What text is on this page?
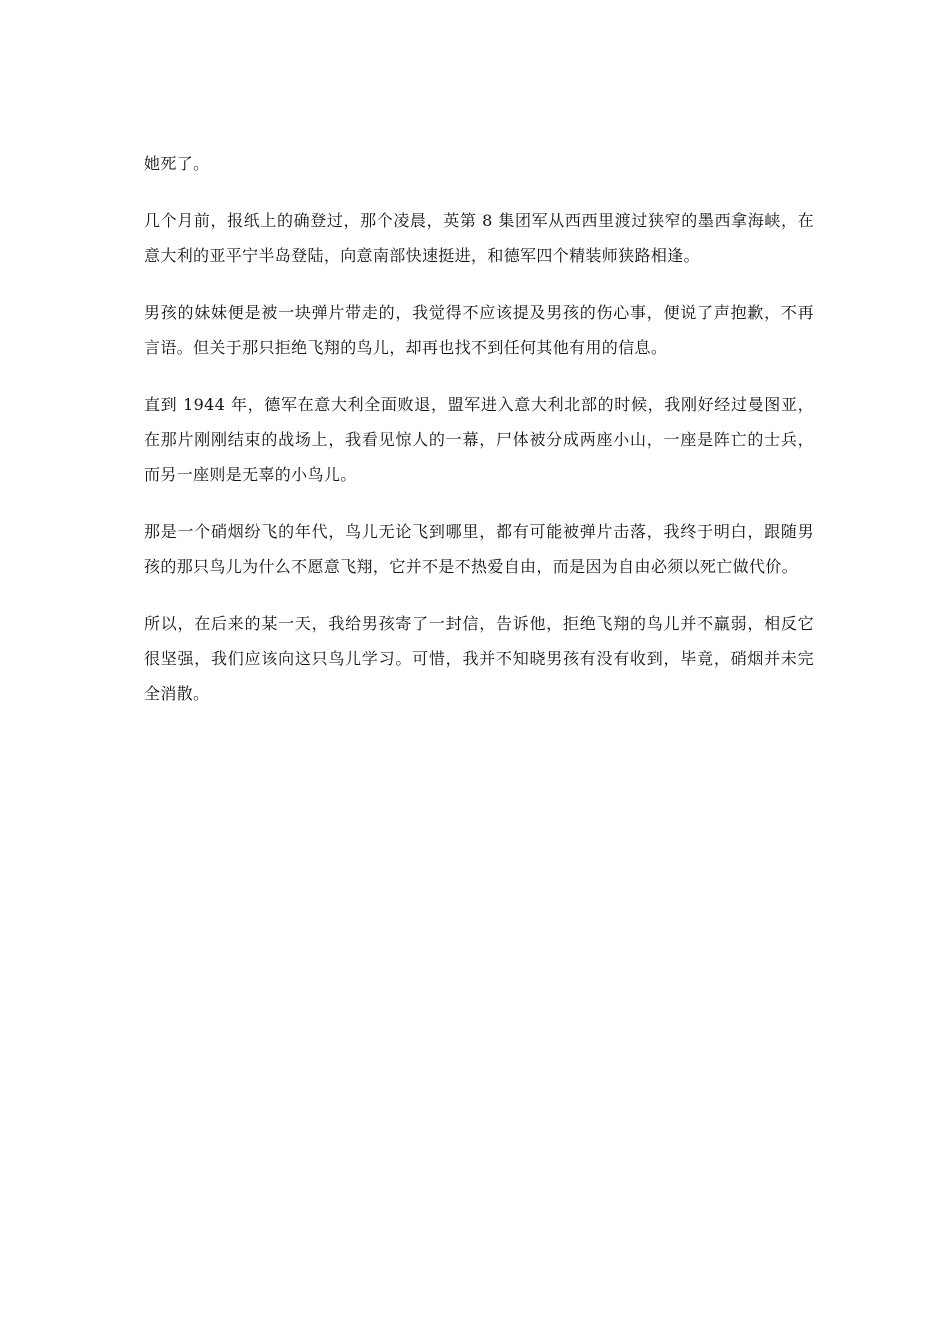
她死了。

几个月前，报纸上的确登过，那个凌晨，英第 8 集团军从西西里渡过狭窄的墨西拿海峡，在意大利的亚平宁半岛登陆，向意南部快速挺进，和德军四个精装师狭路相逢。

男孩的妹妹便是被一块弹片带走的，我觉得不应该提及男孩的伤心事，便说了声抱歉，不再言语。但关于那只拒绝飞翔的鸟儿，却再也找不到任何其他有用的信息。

直到 1944 年，德军在意大利全面败退，盟军进入意大利北部的时候，我刚好经过曼图亚，在那片刚刚结束的战场上，我看见惊人的一幕，尸体被分成两座小山，一座是阵亡的士兵，而另一座则是无辜的小鸟儿。

那是一个硝烟纷飞的年代，鸟儿无论飞到哪里，都有可能被弹片击落，我终于明白，跟随男孩的那只鸟儿为什么不愿意飞翔，它并不是不热爱自由，而是因为自由必须以死亡做代价。

所以，在后来的某一天，我给男孩寄了一封信，告诉他，拒绝飞翔的鸟儿并不羸弱，相反它很坚强，我们应该向这只鸟儿学习。可惜，我并不知晓男孩有没有收到，毕竟，硝烟并未完全消散。
